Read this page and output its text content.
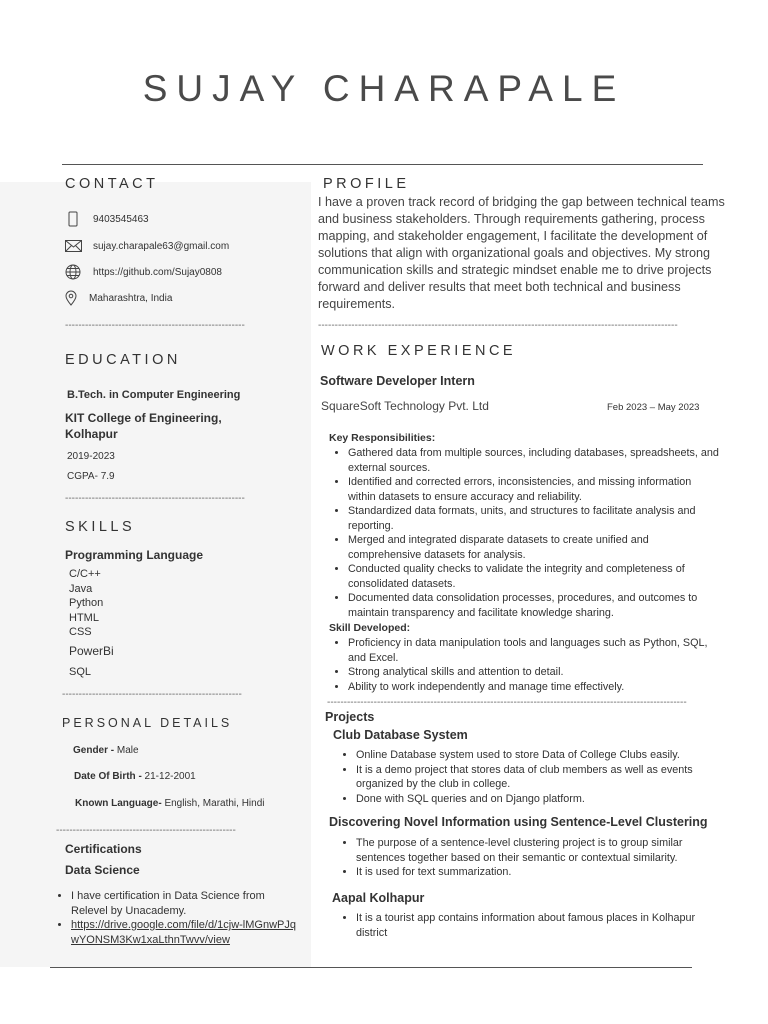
SUJAY CHARAPALE
CONTACT
9403545463
sujay.charapale63@gmail.com
https://github.com/Sujay0808
Maharashtra, India
------------------------------------------------------
EDUCATION
B.Tech. in Computer Engineering
KIT College of Engineering,
Kolhapur
2019-2023
CGPA- 7.9
------------------------------------------------------
SKILLS
Programming Language
C/C++
Java
Python
HTML
CSS
PowerBi
SQL
------------------------------------------------------
PERSONAL DETAILS
Gender - Male
Date Of Birth - 21-12-2001
Known Language- English, Marathi, Hindi
------------------------------------------------------
Certifications
Data Science
• I have certification in Data Science from Relevel by Unacademy.
• https://drive.google.com/file/d/1cjw-lMGnwPJqwYONSM3Kw1xaLthnTwvv/view
PROFILE
I have a proven track record of bridging the gap between technical teams and business stakeholders. Through requirements gathering, process mapping, and stakeholder engagement, I facilitate the development of solutions that align with organizational goals and objectives. My strong communication skills and strategic mindset enable me to drive projects forward and deliver results that meet both technical and business requirements.
------------------------------------------------------------------------------------------------------------
WORK EXPERIENCE
Software Developer Intern
SquareSoft Technology Pvt. Ltd	Feb 2023 – May 2023
Key Responsibilities:
• Gathered data from multiple sources, including databases, spreadsheets, and external sources.
• Identified and corrected errors, inconsistencies, and missing information within datasets to ensure accuracy and reliability.
• Standardized data formats, units, and structures to facilitate analysis and reporting.
• Merged and integrated disparate datasets to create unified and comprehensive datasets for analysis.
• Conducted quality checks to validate the integrity and completeness of consolidated datasets.
• Documented data consolidation processes, procedures, and outcomes to maintain transparency and facilitate knowledge sharing.
Skill Developed:
• Proficiency in data manipulation tools and languages such as Python, SQL, and Excel.
• Strong analytical skills and attention to detail.
• Ability to work independently and manage time effectively.
------------------------------------------------------------------------------------------------------------
Projects
Club Database System
• Online Database system used to store Data of College Clubs easily.
• It is a demo project that stores data of club members as well as events organized by the club in college.
• Done with SQL queries and on Django platform.
Discovering Novel Information using Sentence-Level Clustering
• The purpose of a sentence-level clustering project is to group similar sentences together based on their semantic or contextual similarity.
• It is used for text summarization.
Aapal Kolhapur
• It is a tourist app contains information about famous places in Kolhapur district
